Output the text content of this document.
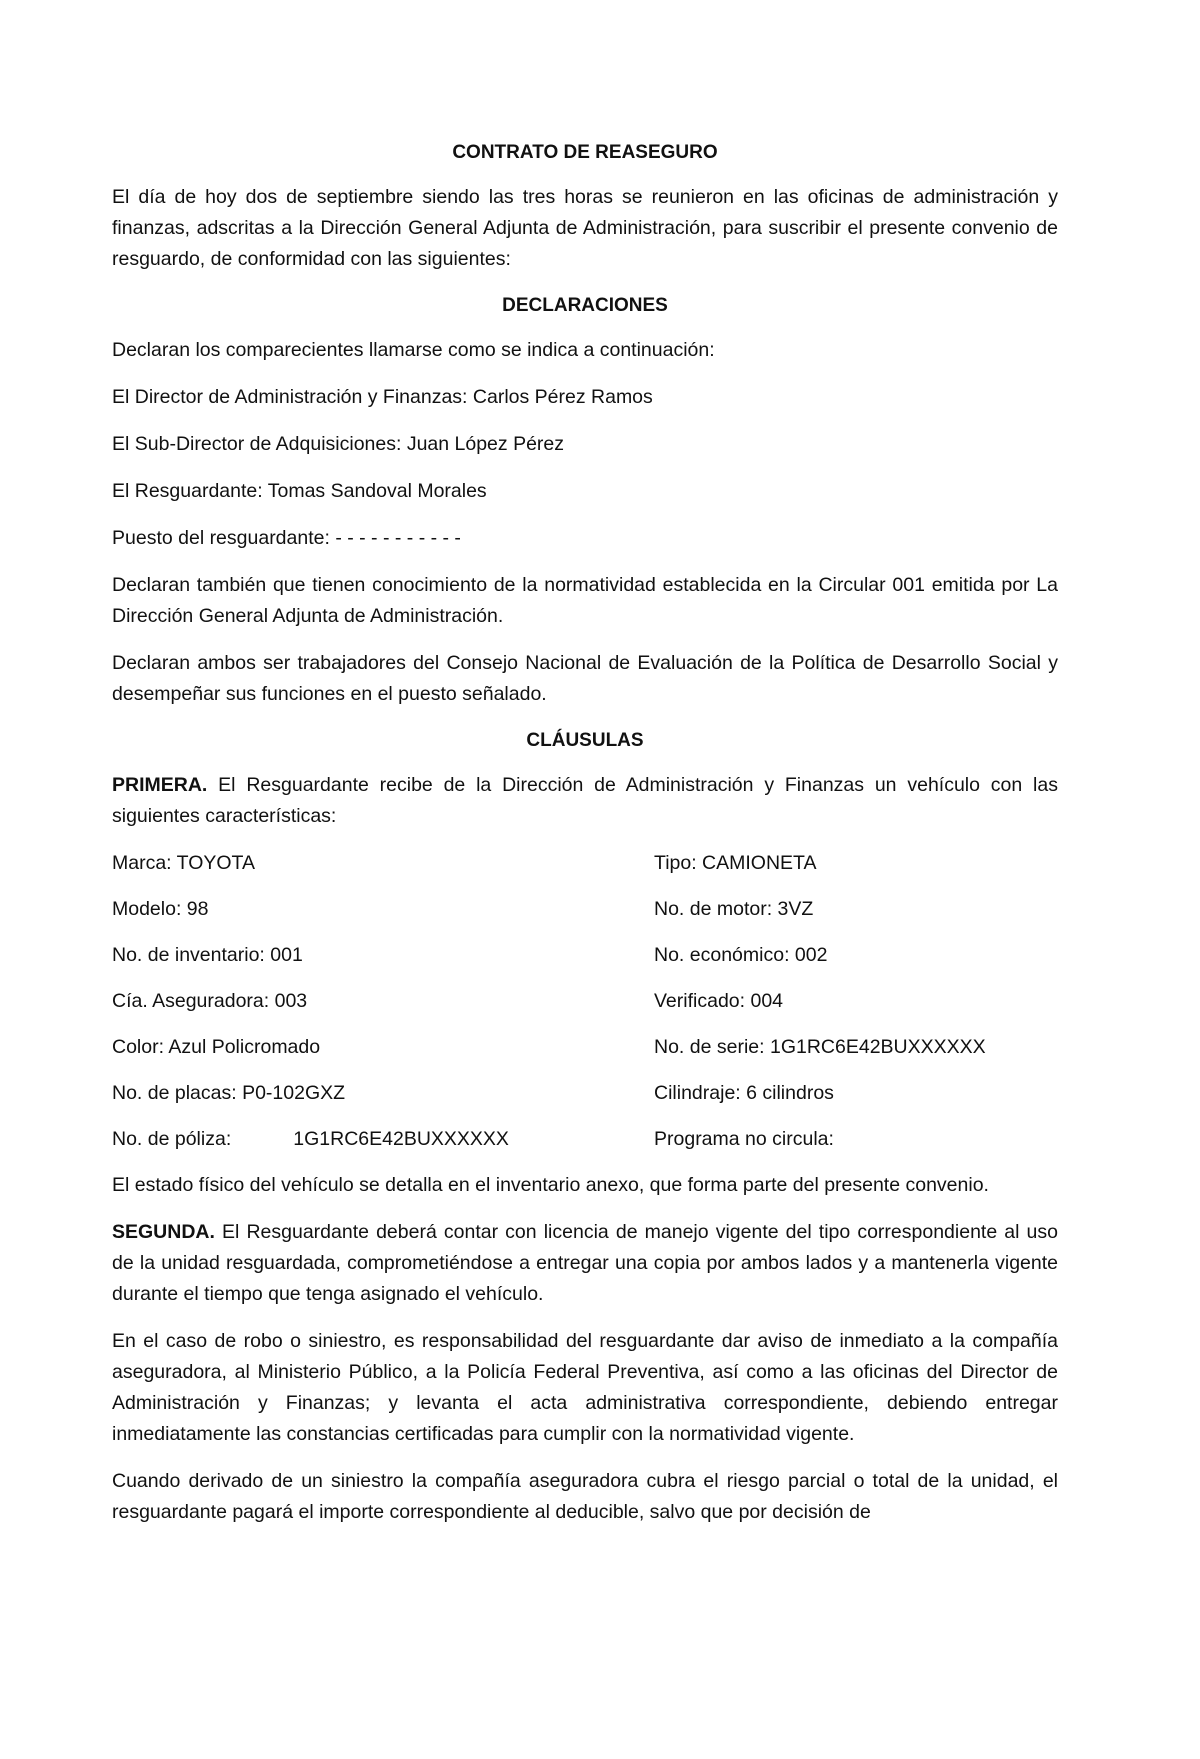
CONTRATO DE REASEGURO

El día de hoy dos de septiembre siendo las tres horas se reunieron en las oficinas de administración y finanzas, adscritas a la Dirección General Adjunta de Administración, para suscribir el presente convenio de resguardo, de conformidad con las siguientes:

DECLARACIONES

Declaran los comparecientes llamarse como se indica a continuación:

El Director de Administración y Finanzas: Carlos Pérez Ramos

El Sub-Director de Adquisiciones: Juan López Pérez

El Resguardante: Tomas Sandoval Morales

Puesto del resguardante: - - - - - - - - - - -

Declaran también que tienen conocimiento de la normatividad establecida en la Circular 001 emitida por La Dirección General Adjunta de Administración.

Declaran ambos ser trabajadores del Consejo Nacional de Evaluación de la Política de Desarrollo Social y desempeñar sus funciones en el puesto señalado.

CLÁUSULAS

PRIMERA. El Resguardante recibe de la Dirección de Administración y Finanzas un vehículo con las siguientes características:

Marca: TOYOTA	Tipo: CAMIONETA
Modelo: 98	No. de motor: 3VZ
No. de inventario: 001	No. económico: 002
Cía. Aseguradora: 003	Verificado: 004
Color: Azul Policromado	No. de serie: 1G1RC6E42BUXXXXXX
No. de placas: P0-102GXZ	Cilindraje: 6 cilindros
No. de póliza:	1G1RC6E42BUXXXXXX	Programa no circula:

El estado físico del vehículo se detalla en el inventario anexo, que forma parte del presente convenio.

SEGUNDA. El Resguardante deberá contar con licencia de manejo vigente del tipo correspondiente al uso de la unidad resguardada, comprometiéndose a entregar una copia por ambos lados y a mantenerla vigente durante el tiempo que tenga asignado el vehículo.

En el caso de robo o siniestro, es responsabilidad del resguardante dar aviso de inmediato a la compañía aseguradora, al Ministerio Público, a la Policía Federal Preventiva, así como a las oficinas del Director de Administración y Finanzas; y levanta el acta administrativa correspondiente, debiendo entregar inmediatamente las constancias certificadas para cumplir con la normatividad vigente.

Cuando derivado de un siniestro la compañía aseguradora cubra el riesgo parcial o total de la unidad, el resguardante pagará el importe correspondiente al deducible, salvo que por decisión de
